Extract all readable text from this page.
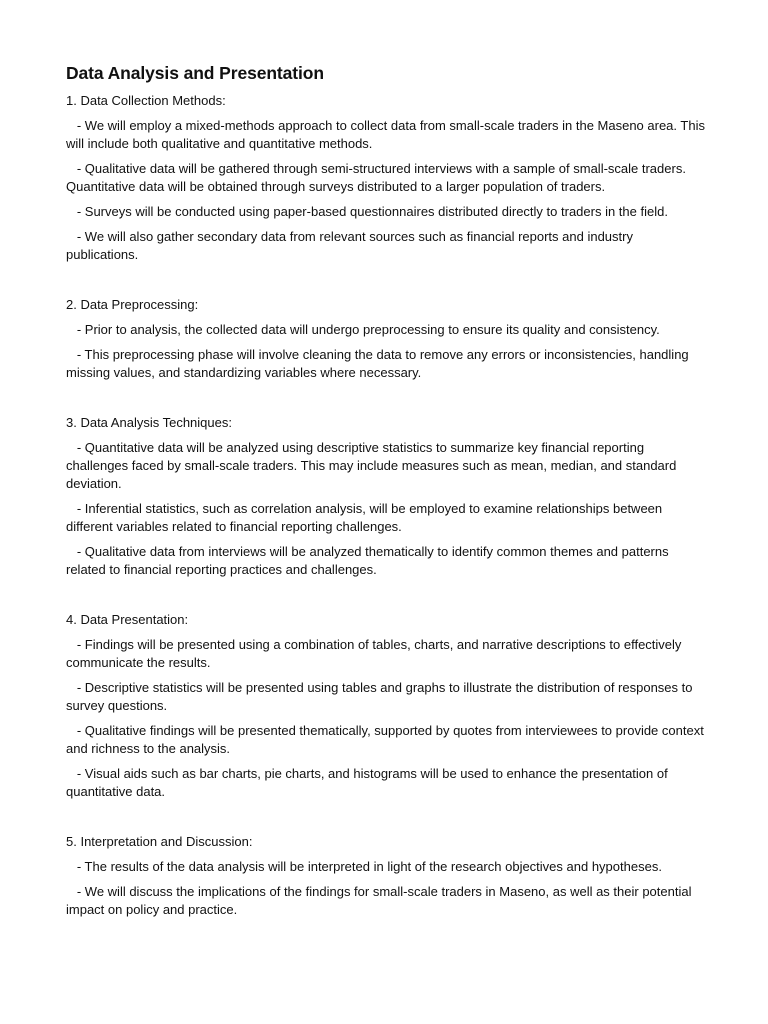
Data Analysis and Presentation
1. Data Collection Methods:

- We will employ a mixed-methods approach to collect data from small-scale traders in the Maseno area. This will include both qualitative and quantitative methods.

- Qualitative data will be gathered through semi-structured interviews with a sample of small-scale traders. Quantitative data will be obtained through surveys distributed to a larger population of traders.

- Surveys will be conducted using paper-based questionnaires distributed directly to traders in the field.

- We will also gather secondary data from relevant sources such as financial reports and industry publications.

2. Data Preprocessing:

- Prior to analysis, the collected data will undergo preprocessing to ensure its quality and consistency.

- This preprocessing phase will involve cleaning the data to remove any errors or inconsistencies, handling missing values, and standardizing variables where necessary.

3. Data Analysis Techniques:

- Quantitative data will be analyzed using descriptive statistics to summarize key financial reporting challenges faced by small-scale traders. This may include measures such as mean, median, and standard deviation.

- Inferential statistics, such as correlation analysis, will be employed to examine relationships between different variables related to financial reporting challenges.

- Qualitative data from interviews will be analyzed thematically to identify common themes and patterns related to financial reporting practices and challenges.

4. Data Presentation:

- Findings will be presented using a combination of tables, charts, and narrative descriptions to effectively communicate the results.

- Descriptive statistics will be presented using tables and graphs to illustrate the distribution of responses to survey questions.

- Qualitative findings will be presented thematically, supported by quotes from interviewees to provide context and richness to the analysis.

- Visual aids such as bar charts, pie charts, and histograms will be used to enhance the presentation of quantitative data.

5. Interpretation and Discussion:

- The results of the data analysis will be interpreted in light of the research objectives and hypotheses.

- We will discuss the implications of the findings for small-scale traders in Maseno, as well as their potential impact on policy and practice.
